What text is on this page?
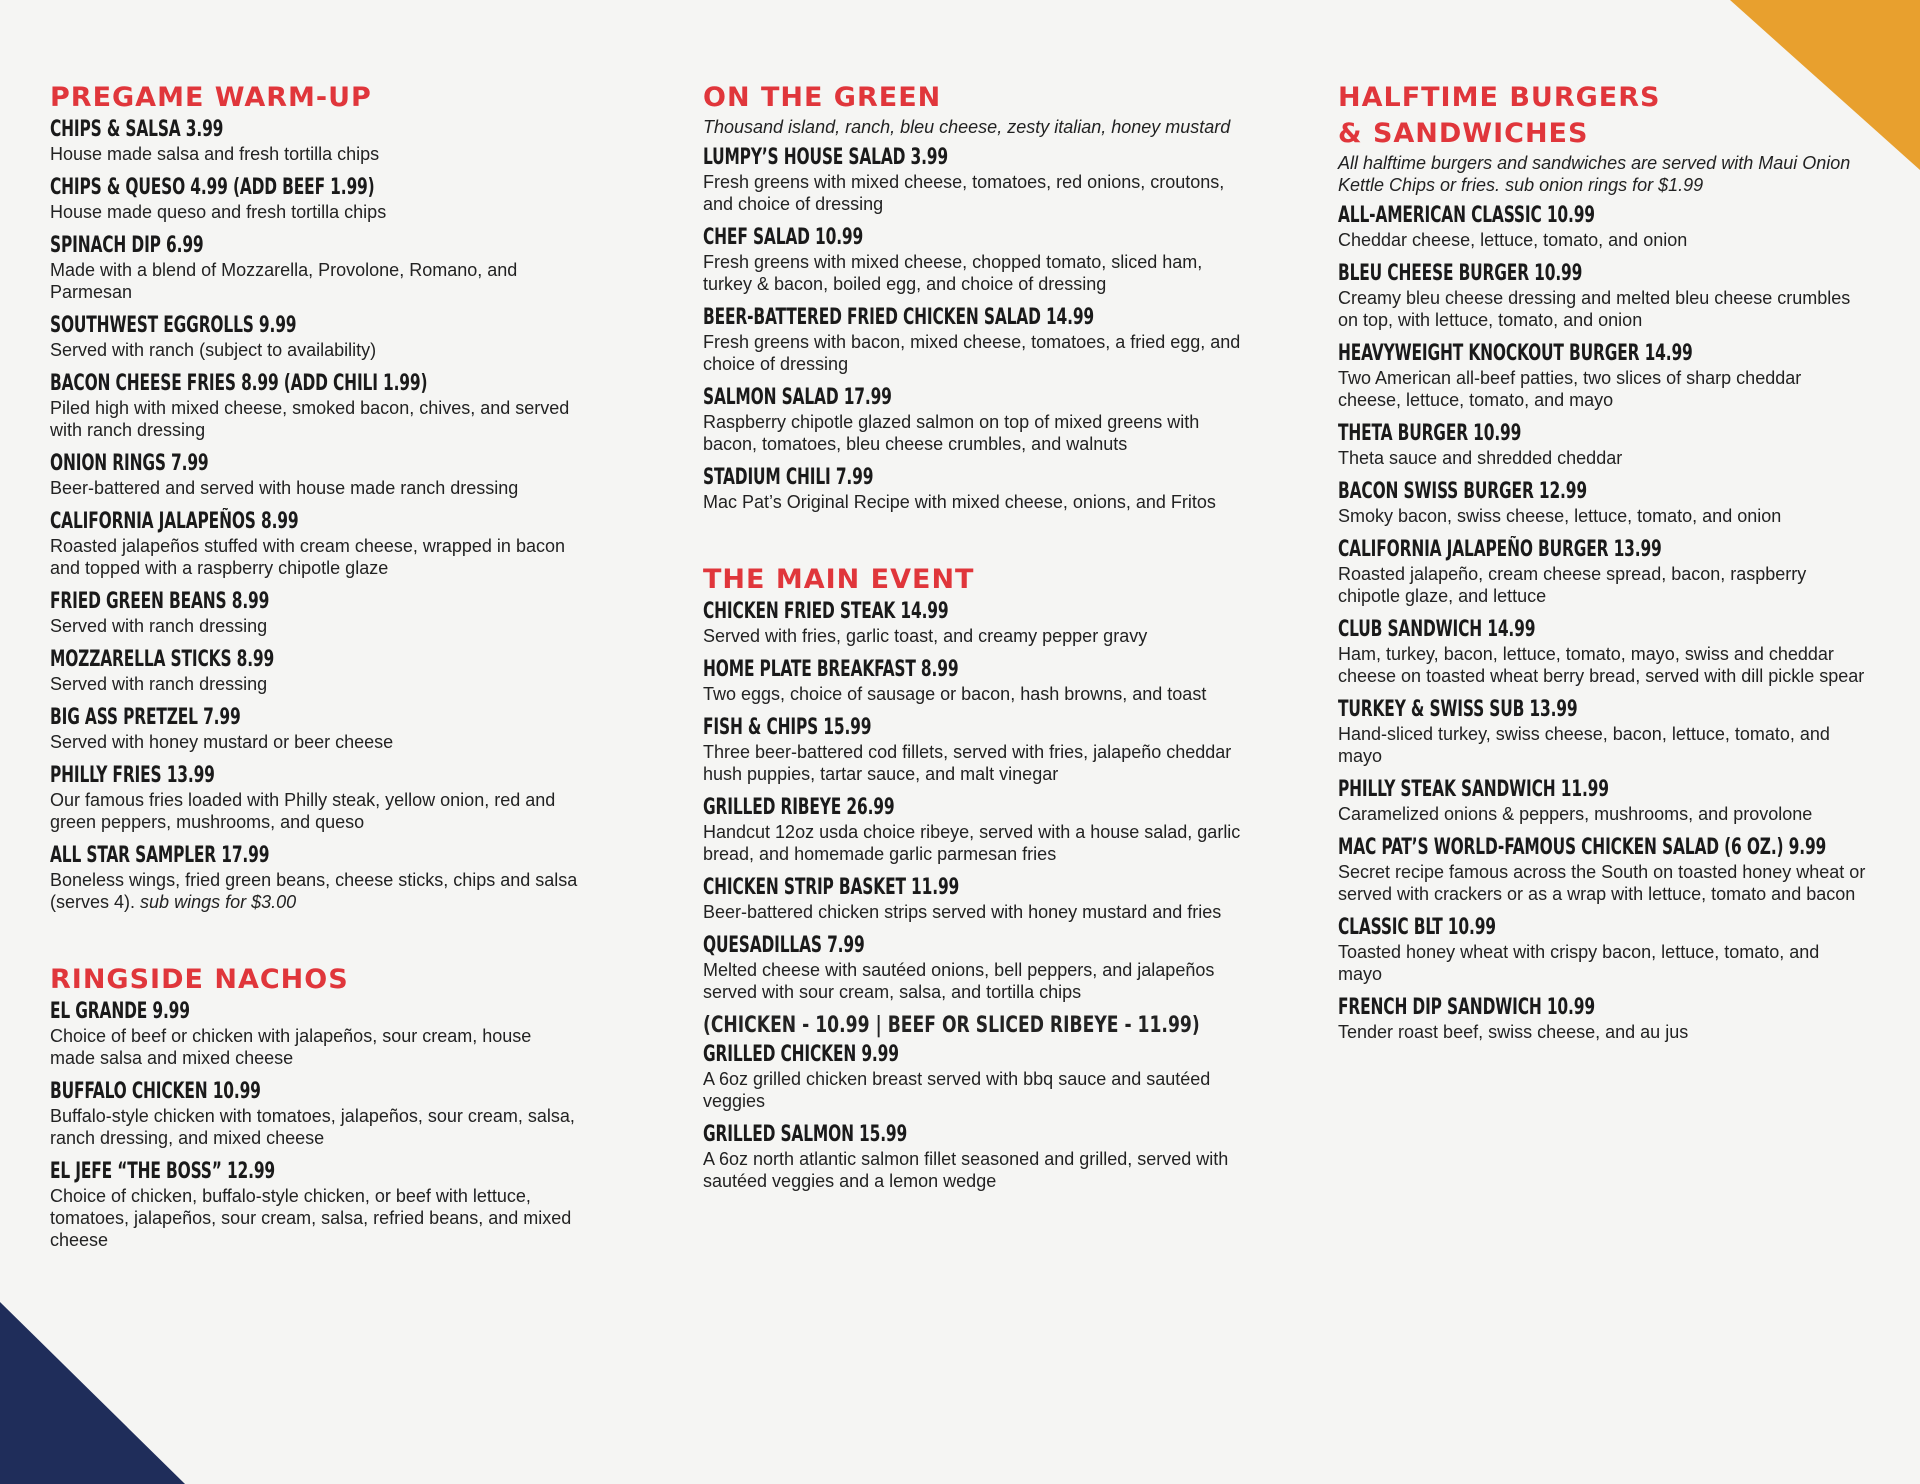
PREGAME WARM-UP
CHIPS & SALSA 3.99
House made salsa and fresh tortilla chips
CHIPS & QUESO 4.99 (ADD BEEF 1.99)
House made queso and fresh tortilla chips
SPINACH DIP 6.99
Made with a blend of Mozzarella, Provolone, Romano, and Parmesan
SOUTHWEST EGGROLLS 9.99
Served with ranch (subject to availability)
BACON CHEESE FRIES 8.99 (ADD CHILI 1.99)
Piled high with mixed cheese, smoked bacon, chives, and served with ranch dressing
ONION RINGS 7.99
Beer-battered and served with house made ranch dressing
CALIFORNIA JALAPEÑOS 8.99
Roasted jalapeños stuffed with cream cheese, wrapped in bacon and topped with a raspberry chipotle glaze
FRIED GREEN BEANS 8.99
Served with ranch dressing
MOZZARELLA STICKS 8.99
Served with ranch dressing
BIG ASS PRETZEL 7.99
Served with honey mustard or beer cheese
PHILLY FRIES 13.99
Our famous fries loaded with Philly steak, yellow onion, red and green peppers, mushrooms, and queso
ALL STAR SAMPLER 17.99
Boneless wings, fried green beans, cheese sticks, chips and salsa (serves 4). sub wings for $3.00
RINGSIDE NACHOS
EL GRANDE 9.99
Choice of beef or chicken with jalapeños, sour cream, house made salsa and mixed cheese
BUFFALO CHICKEN 10.99
Buffalo-style chicken with tomatoes, jalapeños, sour cream, salsa, ranch dressing, and mixed cheese
EL JEFE “THE BOSS” 12.99
Choice of chicken, buffalo-style chicken, or beef with lettuce, tomatoes, jalapeños, sour cream, salsa, refried beans, and mixed cheese
ON THE GREEN
Thousand island, ranch, bleu cheese, zesty italian, honey mustard
LUMPY’S HOUSE SALAD 3.99
Fresh greens with mixed cheese, tomatoes, red onions, croutons, and choice of dressing
CHEF SALAD 10.99
Fresh greens with mixed cheese, chopped tomato, sliced ham, turkey & bacon, boiled egg, and choice of dressing
BEER-BATTERED FRIED CHICKEN SALAD 14.99
Fresh greens with bacon, mixed cheese, tomatoes, a fried egg, and choice of dressing
SALMON SALAD 17.99
Raspberry chipotle glazed salmon on top of mixed greens with bacon, tomatoes, bleu cheese crumbles, and walnuts
STADIUM CHILI 7.99
Mac Pat’s Original Recipe with mixed cheese, onions, and Fritos
THE MAIN EVENT
CHICKEN FRIED STEAK 14.99
Served with fries, garlic toast, and creamy pepper gravy
HOME PLATE BREAKFAST 8.99
Two eggs, choice of sausage or bacon, hash browns, and toast
FISH & CHIPS 15.99
Three beer-battered cod fillets, served with fries, jalapeño cheddar hush puppies, tartar sauce, and malt vinegar
GRILLED RIBEYE 26.99
Handcut 12oz usda choice ribeye, served with a house salad, garlic bread, and homemade garlic parmesan fries
CHICKEN STRIP BASKET 11.99
Beer-battered chicken strips served with honey mustard and fries
QUESADILLAS 7.99
Melted cheese with sautéed onions, bell peppers, and jalapeños served with sour cream, salsa, and tortilla chips
(CHICKEN - 10.99 | BEEF OR SLICED RIBEYE - 11.99)
GRILLED CHICKEN 9.99
A 6oz grilled chicken breast served with bbq sauce and sautéed veggies
GRILLED SALMON 15.99
A 6oz north atlantic salmon fillet seasoned and grilled, served with sautéed veggies and a lemon wedge
HALFTIME BURGERS
& SANDWICHES
All halftime burgers and sandwiches are served with Maui Onion Kettle Chips or fries. sub onion rings for $1.99
ALL-AMERICAN CLASSIC 10.99
Cheddar cheese, lettuce, tomato, and onion
BLEU CHEESE BURGER 10.99
Creamy bleu cheese dressing and melted bleu cheese crumbles on top, with lettuce, tomato, and onion
HEAVYWEIGHT KNOCKOUT BURGER 14.99
Two American all-beef patties, two slices of sharp cheddar cheese, lettuce, tomato, and mayo
THETA BURGER 10.99
Theta sauce and shredded cheddar
BACON SWISS BURGER 12.99
Smoky bacon, swiss cheese, lettuce, tomato, and onion
CALIFORNIA JALAPEÑO BURGER 13.99
Roasted jalapeño, cream cheese spread, bacon, raspberry chipotle glaze, and lettuce
CLUB SANDWICH 14.99
Ham, turkey, bacon, lettuce, tomato, mayo, swiss and cheddar cheese on toasted wheat berry bread, served with dill pickle spear
TURKEY & SWISS SUB 13.99
Hand-sliced turkey, swiss cheese, bacon, lettuce, tomato, and mayo
PHILLY STEAK SANDWICH 11.99
Caramelized onions & peppers, mushrooms, and provolone
MAC PAT’S WORLD-FAMOUS CHICKEN SALAD (6 OZ.) 9.99
Secret recipe famous across the South on toasted honey wheat or served with crackers or as a wrap with lettuce, tomato and bacon
CLASSIC BLT 10.99
Toasted honey wheat with crispy bacon, lettuce, tomato, and mayo
FRENCH DIP SANDWICH 10.99
Tender roast beef, swiss cheese, and au jus
